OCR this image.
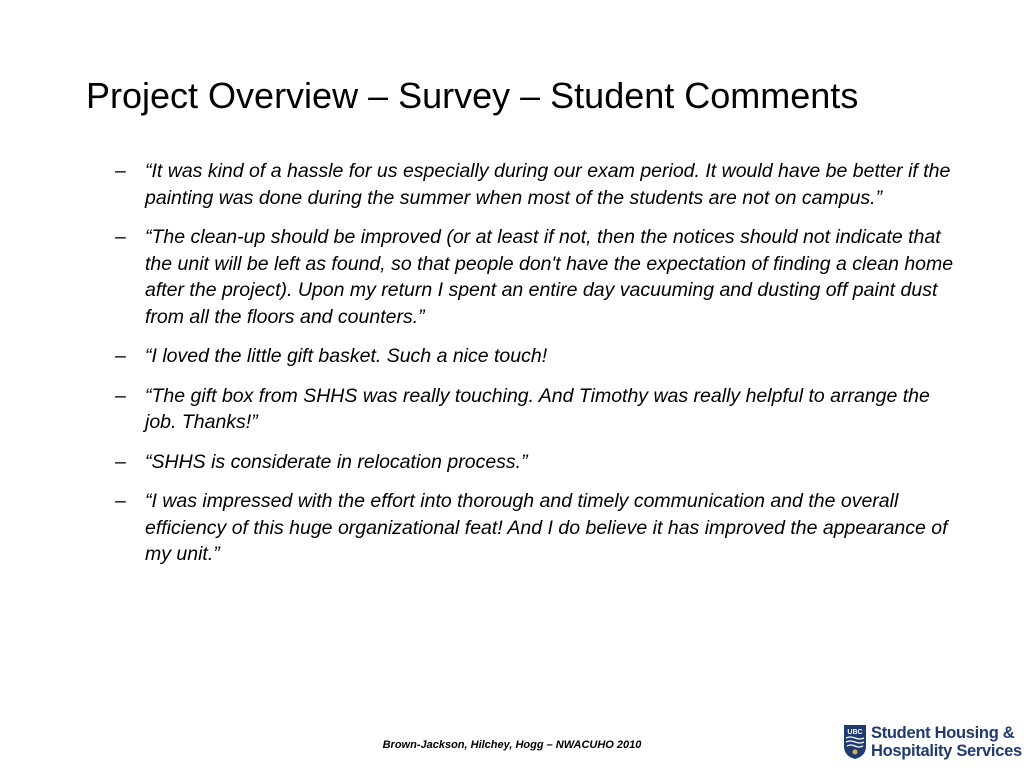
Project Overview – Survey – Student Comments
– “It was kind of a hassle for us especially during our exam period. It would have be better if the painting was done during the summer when most of the students are not on campus.”
– “The clean-up should be improved (or at least if not, then the notices should not indicate that the unit will be left as found, so that people don't have the expectation of finding a clean home after the project). Upon my return I spent an entire day vacuuming and dusting off paint dust from all the floors and counters.”
– “I loved the little gift basket. Such a nice touch!
– “The gift box from SHHS was really touching. And Timothy was really helpful to arrange the job. Thanks!”
– “SHHS is considerate in relocation process.”
– “I was impressed with the effort into thorough and timely communication and the overall efficiency of this huge organizational feat! And I do believe it has improved the appearance of my unit.”
Brown-Jackson, Hilchey, Hogg – NWACUHO 2010
UBC Student Housing &
Hospitality Services
